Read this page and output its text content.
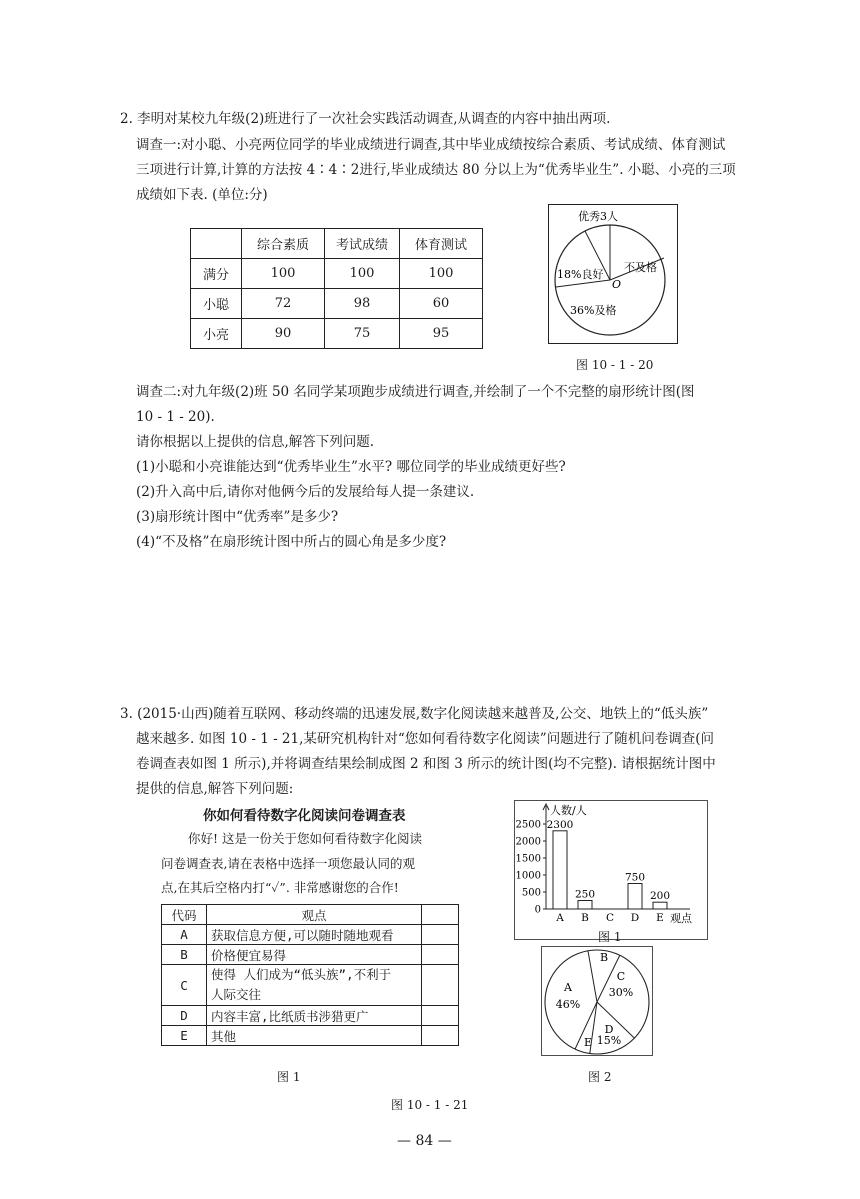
2. 李明对某校九年级(2)班进行了一次社会实践活动调查,从调查的内容中抽出两项.
调查一:对小聪、小亮两位同学的毕业成绩进行调查,其中毕业成绩按综合素质、考试成绩、体育测试
三项进行计算,计算的方法按 4∶4∶2进行,毕业成绩达 80 分以上为“优秀毕业生”. 小聪、小亮的三项
成绩如下表. (单位:分)
	综合素质	考试成绩	体育测试
满分	100	100	100
小聪	72	98	60
小亮	90	75	95
优秀3人
18%良好
不及格
O
36%及格
图 10 - 1 - 20
调查二:对九年级(2)班 50 名同学某项跑步成绩进行调查,并绘制了一个不完整的扇形统计图(图
10 - 1 - 20).
请你根据以上提供的信息,解答下列问题.
(1)小聪和小亮谁能达到“优秀毕业生”水平? 哪位同学的毕业成绩更好些?
(2)升入高中后,请你对他俩今后的发展给每人提一条建议.
(3)扇形统计图中“优秀率”是多少?
(4)“不及格”在扇形统计图中所占的圆心角是多少度?
3. (2015·山西)随着互联网、移动终端的迅速发展,数字化阅读越来越普及,公交、地铁上的“低头族”
越来越多. 如图 10 - 1 - 21,某研究机构针对“您如何看待数字化阅读”问题进行了随机问卷调查(问
卷调查表如图 1 所示),并将调查结果绘制成图 2 和图 3 所示的统计图(均不完整). 请根据统计图中
提供的信息,解答下列问题:
你如何看待数字化阅读问卷调查表
你好! 这是一份关于您如何看待数字化阅读
问卷调查表,请在表格中选择一项您最认同的观
点,在其后空格内打“✓”. 非常感谢您的合作!
代码	观点	
A	获取信息方便,可以随时随地观看	
B	价格便宜易得	
C	使得 人们成为“低头族”,不利于
人际交往	

D	内容丰富,比纸质书涉猎更广	
E	其他	
图 1
人数/人
观点
0
500
1000
1500
2000
2500 2300
A
250
B C
750
D
200
E
图 1
A
46%
B
C
30%
D
15%
E
图 2
图 10 - 1 - 21
— 84 —
